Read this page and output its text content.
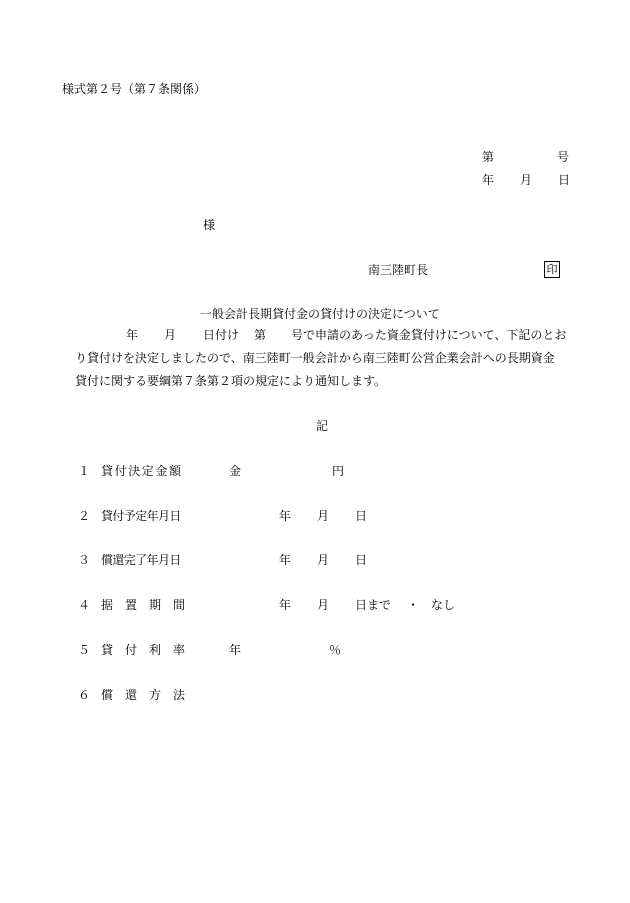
様式第２号（第７条関係）
第	号
年 月 日
様
南三陸町長	印
一般会計長期貸付金の貸付けの決定について
年 月 日付け 第 号で申請のあった資金貸付けについて、下記のとお
り貸付けを決定しましたので、南三陸町一般会計から南三陸町公営企業会計への長期資金
貸付に関する要綱第７条第２項の規定により通知します。
記
１ 貸付決定金額	金	円
２ 貸付予定年月日	年 月 日
３ 償還完了年月日	年 月 日
４ 据　置　期　間	年 月 日まで ・ なし
５ 貸　付　利　率	年	％
６ 償　還　方　法
